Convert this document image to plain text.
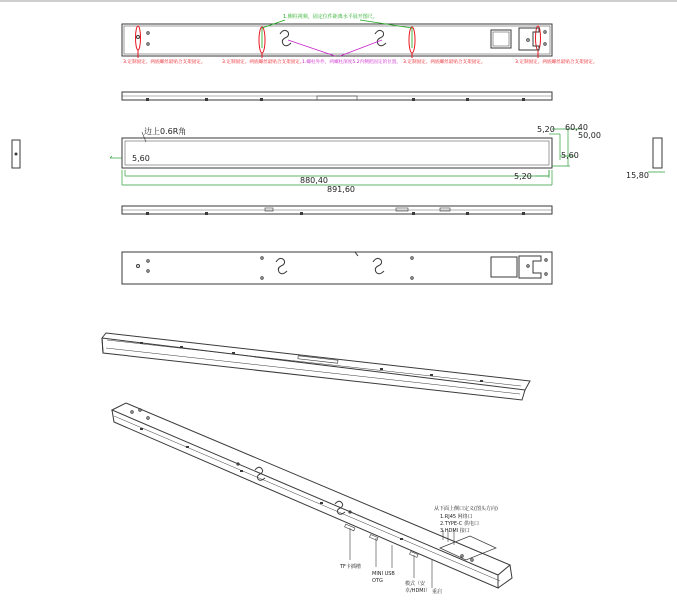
1.侧柱视频，固定位件距离水平展开图尺。
3.定制固定。两底螺丝最贴合支架固定。	3.定制固定。两底螺丝最贴合支架固定。
1.螺柱外件，两螺柱深度5.2内侧把固定的位置。 3.定制固定。两底螺丝最贴合支架固定。	3.定制固定。两底螺丝最贴合支架固定。
边上0.6R角
5,60
880,40
891,60
5,20 60,40
50,00
5,60
5,20	15,80
从下面上侧口定义(图头方向)
1.RJ45 网络口
2.TYPE-C 供电口
3.HDMI 接口
TF卡插槽
MINI USB
OTG	模式（安
卓/HDMI） 重启
